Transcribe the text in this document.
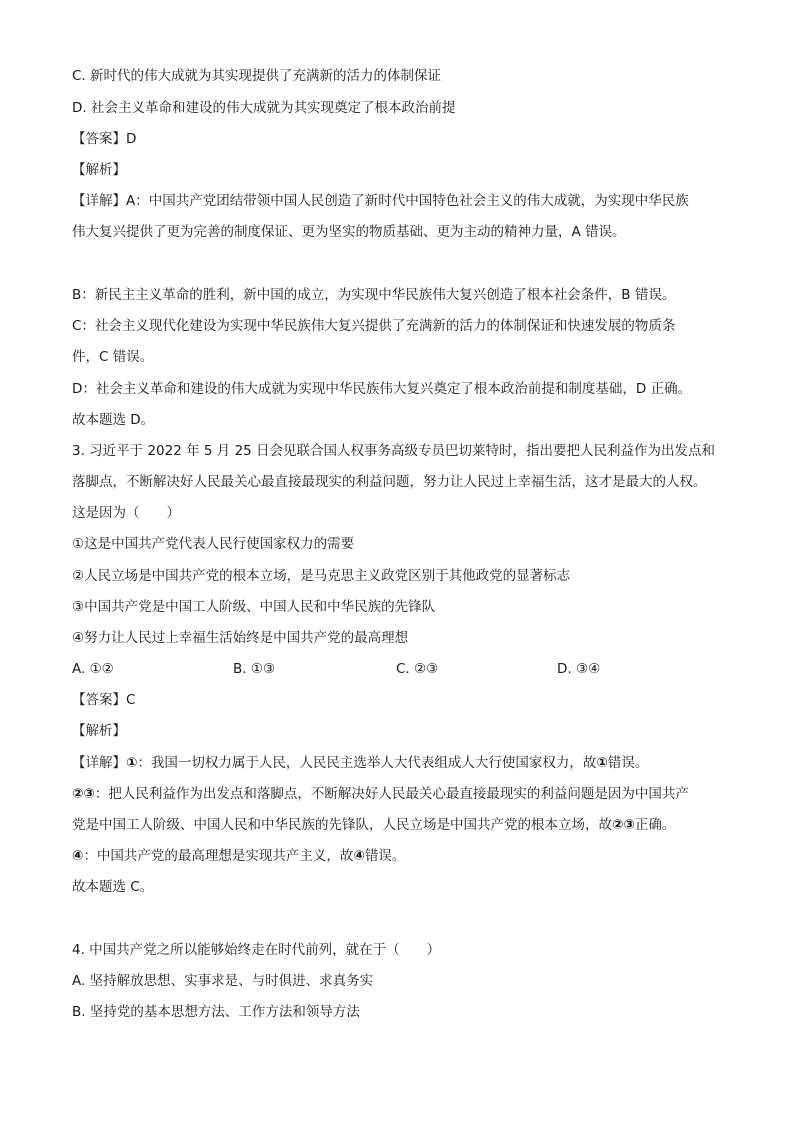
C. 新时代的伟大成就为其实现提供了充满新的活力的体制保证
D. 社会主义革命和建设的伟大成就为其实现奠定了根本政治前提
【答案】D
【解析】
【详解】A：中国共产党团结带领中国人民创造了新时代中国特色社会主义的伟大成就，为实现中华民族
伟大复兴提供了更为完善的制度保证、更为坚实的物质基础、更为主动的精神力量，A 错误。
B：新民主主义革命的胜利，新中国的成立，为实现中华民族伟大复兴创造了根本社会条件，B 错误。
C：社会主义现代化建设为实现中华民族伟大复兴提供了充满新的活力的体制保证和快速发展的物质条
件，C 错误。
D：社会主义革命和建设的伟大成就为实现中华民族伟大复兴奠定了根本政治前提和制度基础，D 正确。
故本题选 D。
3. 习近平于 2022 年 5 月 25 日会见联合国人权事务高级专员巴切莱特时，指出要把人民利益作为出发点和
落脚点，不断解决好人民最关心最直接最现实的利益问题，努力让人民过上幸福生活，这才是最大的人权。
这是因为（　　）
①这是中国共产党代表人民行使国家权力的需要
②人民立场是中国共产党的根本立场，是马克思主义政党区别于其他政党的显著标志
③中国共产党是中国工人阶级、中国人民和中华民族的先锋队
④努力让人民过上幸福生活始终是中国共产党的最高理想
A. ①②	B. ①③	C. ②③	D. ③④
【答案】C
【解析】
【详解】①：我国一切权力属于人民，人民民主选举人大代表组成人大行使国家权力，故①错误。
②③：把人民利益作为出发点和落脚点，不断解决好人民最关心最直接最现实的利益问题是因为中国共产
党是中国工人阶级、中国人民和中华民族的先锋队，人民立场是中国共产党的根本立场，故②③正确。
④：中国共产党的最高理想是实现共产主义，故④错误。
故本题选 C。
4. 中国共产党之所以能够始终走在时代前列，就在于（　　）
A. 坚持解放思想、实事求是、与时俱进、求真务实
B. 坚持党的基本思想方法、工作方法和领导方法
